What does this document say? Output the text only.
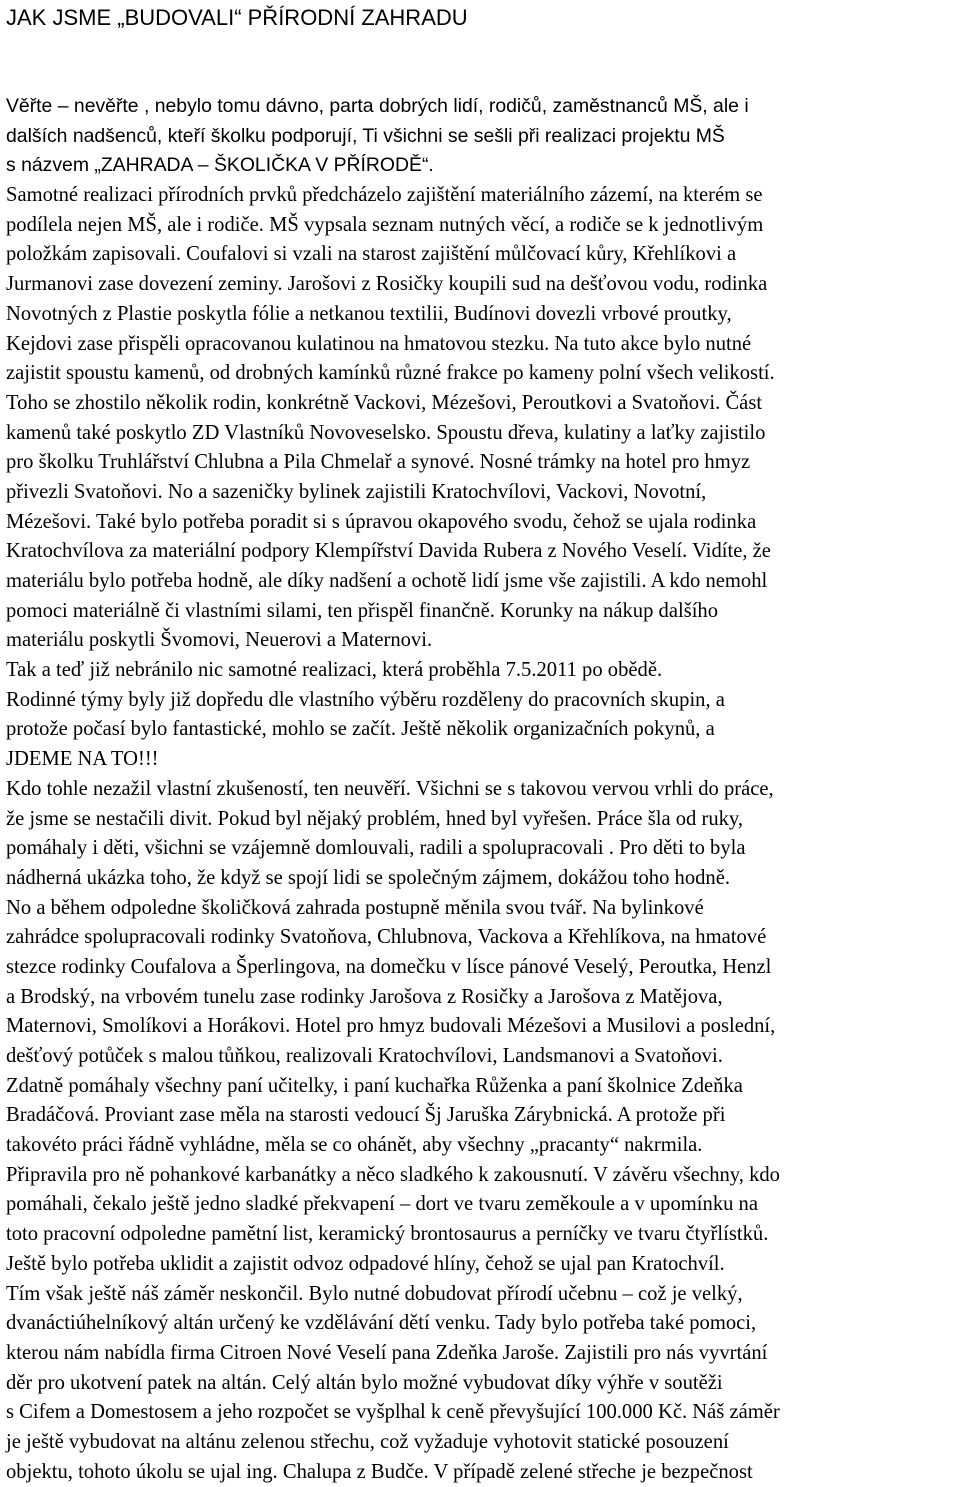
JAK JSME „BUDOVALI“ PŘÍRODNÍ ZAHRADU
Věřte – nevěřte , nebylo tomu dávno, parta dobrých lidí, rodičů, zaměstnanců MŠ, ale i
dalších nadšenců, kteří školku podporují, Ti všichni se sešli při realizaci projektu MŠ
s názvem „ZAHRADA – ŠKOLIČKA V PŘÍRODĚ“.
Samotné realizaci přírodních prvků předcházelo zajištění materiálního zázemí, na kterém se
podílela nejen MŠ, ale i rodiče. MŠ vypsala seznam nutných věcí, a rodiče se k jednotlivým
položkám zapisovali. Coufalovi si vzali na starost zajištění můlčovací kůry, Křehlíkovi a
Jurmanovi zase dovezení zeminy. Jarošovi z Rosičky koupili sud na dešťovou vodu, rodinka
Novotných z Plastie poskytla fólie a netkanou textilii, Budínovi dovezli vrbové proutky,
Kejdovi zase přispěli opracovanou kulatinou na hmatovou stezku. Na tuto akce bylo nutné
zajistit spoustu kamenů, od drobných kamínků různé frakce po kameny polní všech velikostí.
Toho se zhostilo několik rodin, konkrétně Vackovi, Mézešovi, Peroutkovi a Svatoňovi. Část
kamenů také poskytlo ZD Vlastníků Novoveselsko. Spoustu dřeva, kulatiny a laťky zajistilo
pro školku Truhlářství Chlubna a Pila Chmelař a synové. Nosné trámky na hotel pro hmyz
přivezli Svatoňovi. No a sazeničky bylinek zajistili Kratochvílovi, Vackovi, Novotní,
Mézešovi. Také bylo potřeba poradit si s úpravou okapového svodu, čehož se ujala rodinka
Kratochvílova za materiální podpory Klempířství Davida Rubera z Nového Veselí. Vidíte, že
materiálu bylo potřeba hodně, ale díky nadšení a ochotě lidí jsme vše zajistili. A kdo nemohl
pomoci materiálně či vlastními silami, ten přispěl finančně. Korunky na nákup dalšího
materiálu poskytli Švomovi, Neuerovi a Maternovi.
Tak a teď již nebránilo nic samotné realizaci, která proběhla 7.5.2011 po obědě.
Rodinné týmy byly již dopředu dle vlastního výběru rozděleny do pracovních skupin, a
protože počasí bylo fantastické, mohlo se začít. Ještě několik organizačních pokynů, a
JDEME NA TO!!!
Kdo tohle nezažil vlastní zkušeností, ten neuvěří. Všichni se s takovou vervou vrhli do práce,
že jsme se nestačili divit. Pokud byl nějaký problém, hned byl vyřešen. Práce šla od ruky,
pomáhaly i děti, všichni se vzájemně domlouvali, radili a spolupracovali . Pro děti to byla
nádherná ukázka toho, že když se spojí lidi se společným zájmem, dokážou toho hodně.
No a během odpoledne školičková zahrada postupně měnila svou tvář. Na bylinkové
zahrádce spolupracovali rodinky Svatoňova, Chlubnova, Vackova a Křehlíkova, na hmatové
stezce rodinky Coufalova a Šperlingova, na domečku v lísce pánové Veselý, Peroutka, Henzl
a Brodský, na vrbovém tunelu zase rodinky Jarošova z Rosičky a Jarošova z Matějova,
Maternovi, Smolíkovi a Horákovi. Hotel pro hmyz budovali Mézešovi a Musilovi a poslední,
dešťový potůček s malou tůňkou, realizovali Kratochvílovi, Landsmanovi a Svatoňovi.
Zdatně pomáhaly všechny paní učitelky, i paní kuchařka Růženka a paní školnice Zdeňka
Bradáčová. Proviant zase měla na starosti vedoucí Šj Jaruška Zárybnická. A protože při
takovéto práci řádně vyhládne, měla se co ohánět, aby všechny „pracanty“ nakrmila.
Připravila pro ně pohankové karbanátky a něco sladkého k zakousnutí. V závěru všechny, kdo
pomáhali, čekalo ještě jedno sladké překvapení – dort ve tvaru zeměkoule a v upomínku na
toto pracovní odpoledne pamětní list, keramický brontosaurus a perníčky ve tvaru čtyřlístků.
Ještě bylo potřeba uklidit a zajistit odvoz odpadové hlíny, čehož se ujal pan Kratochvíl.
Tím však ještě náš záměr neskončil. Bylo nutné dobudovat přírodí učebnu – což je velký,
dvanáctiúhelníkový altán určený ke vzdělávání dětí venku. Tady bylo potřeba také pomoci,
kterou nám nabídla firma Citroen Nové Veselí pana Zdeňka Jaroše. Zajistili pro nás vyvrtání
děr pro ukotvení patek na altán. Celý altán bylo možné vybudovat díky výhře v soutěži
s Cifem a Domestosem a jeho rozpočet se vyšplhal k ceně převyšující 100.000 Kč. Náš záměr
je ještě vybudovat na altánu zelenou střechu, což vyžaduje vyhotovit statické posouzení
objektu, tohoto úkolu se ujal ing. Chalupa z Budče. V případě zelené střeche je bezpečnost
